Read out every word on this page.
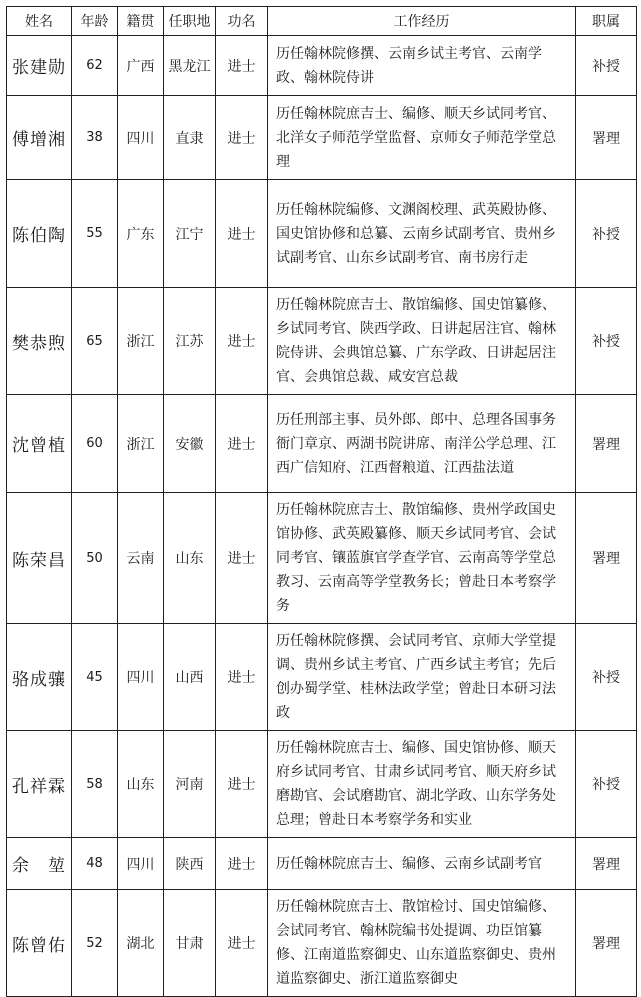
姓名	年龄	籍贯	任职地	功名	工作经历	职属
张建勋	62	广西	黑龙江	进士	历任翰林院修撰、云南乡试主考官、云南学政、翰林院侍讲	补授
傅增湘	38	四川	直隶	进士	历任翰林院庶吉士、编修、顺天乡试同考官、北洋女子师范学堂监督、京师女子师范学堂总理	署理
陈伯陶	55	广东	江宁	进士	历任翰林院编修、文渊阁校理、武英殿协修、国史馆协修和总纂、云南乡试副考官、贵州乡试副考官、山东乡试副考官、南书房行走	补授
樊恭煦	65	浙江	江苏	进士	历任翰林院庶吉士、散馆编修、国史馆纂修、乡试同考官、陕西学政、日讲起居注官、翰林院侍讲、会典馆总纂、广东学政、日讲起居注官、会典馆总裁、咸安宫总裁	补授
沈曾植	60	浙江	安徽	进士	历任刑部主事、员外郎、郎中、总理各国事务衙门章京、两湖书院讲席、南洋公学总理、江西广信知府、江西督粮道、江西盐法道	署理
陈荣昌	50	云南	山东	进士	历任翰林院庶吉士、散馆编修、贵州学政国史馆协修、武英殿纂修、顺天乡试同考官、会试同考官、镶蓝旗官学查学官、云南高等学堂总教习、云南高等学堂教务长；曾赴日本考察学务	署理
骆成骧	45	四川	山西	进士	历任翰林院修撰、会试同考官、京师大学堂提调、贵州乡试主考官、广西乡试主考官；先后创办蜀学堂、桂林法政学堂；曾赴日本研习法政	补授
孔祥霖	58	山东	河南	进士	历任翰林院庶吉士、编修、国史馆协修、顺天府乡试同考官、甘肃乡试同考官、顺天府乡试磨勘官、会试磨勘官、湖北学政、山东学务处总理；曾赴日本考察学务和实业	补授
余　堃	48	四川	陕西	进士	历任翰林院庶吉士、编修、云南乡试副考官	署理
陈曾佑	52	湖北	甘肃	进士	历任翰林院庶吉士、散馆检讨、国史馆编修、会试同考官、翰林院编书处提调、功臣馆纂修、江南道监察御史、山东道监察御史、贵州道监察御史、浙江道监察御史	署理
